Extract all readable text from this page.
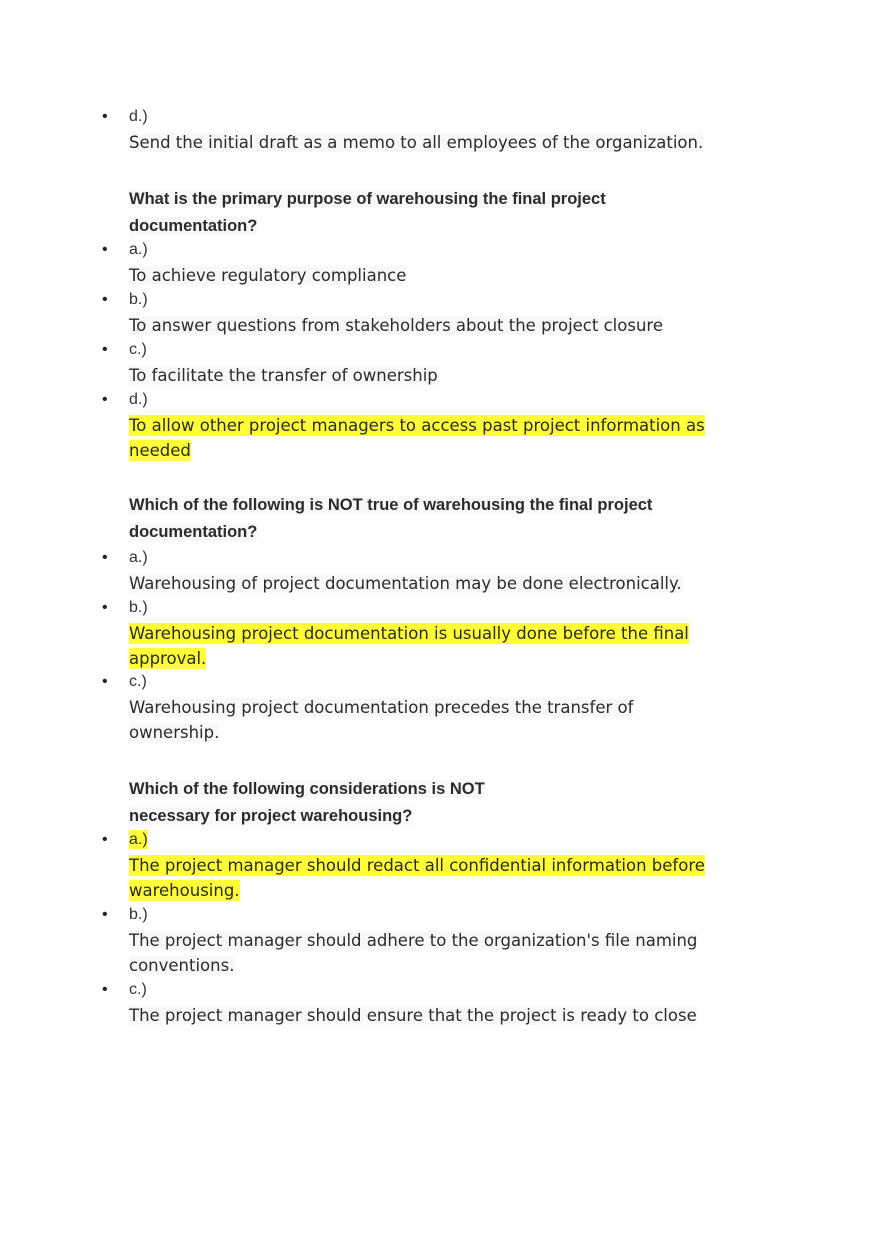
• d.)
Send the initial draft as a memo to all employees of the organization.
What is the primary purpose of warehousing the final project documentation?
• a.)
To achieve regulatory compliance
• b.)
To answer questions from stakeholders about the project closure
• c.)
To facilitate the transfer of ownership
• d.)
To allow other project managers to access past project information as needed
Which of the following is NOT true of warehousing the final project documentation?
• a.)
Warehousing of project documentation may be done electronically.
• b.)
Warehousing project documentation is usually done before the final approval.
• c.)
Warehousing project documentation precedes the transfer of ownership.
Which of the following considerations is NOT necessary for project warehousing?
• a.)
The project manager should redact all confidential information before warehousing.
• b.)
The project manager should adhere to the organization's file naming conventions.
• c.)
The project manager should ensure that the project is ready to close
